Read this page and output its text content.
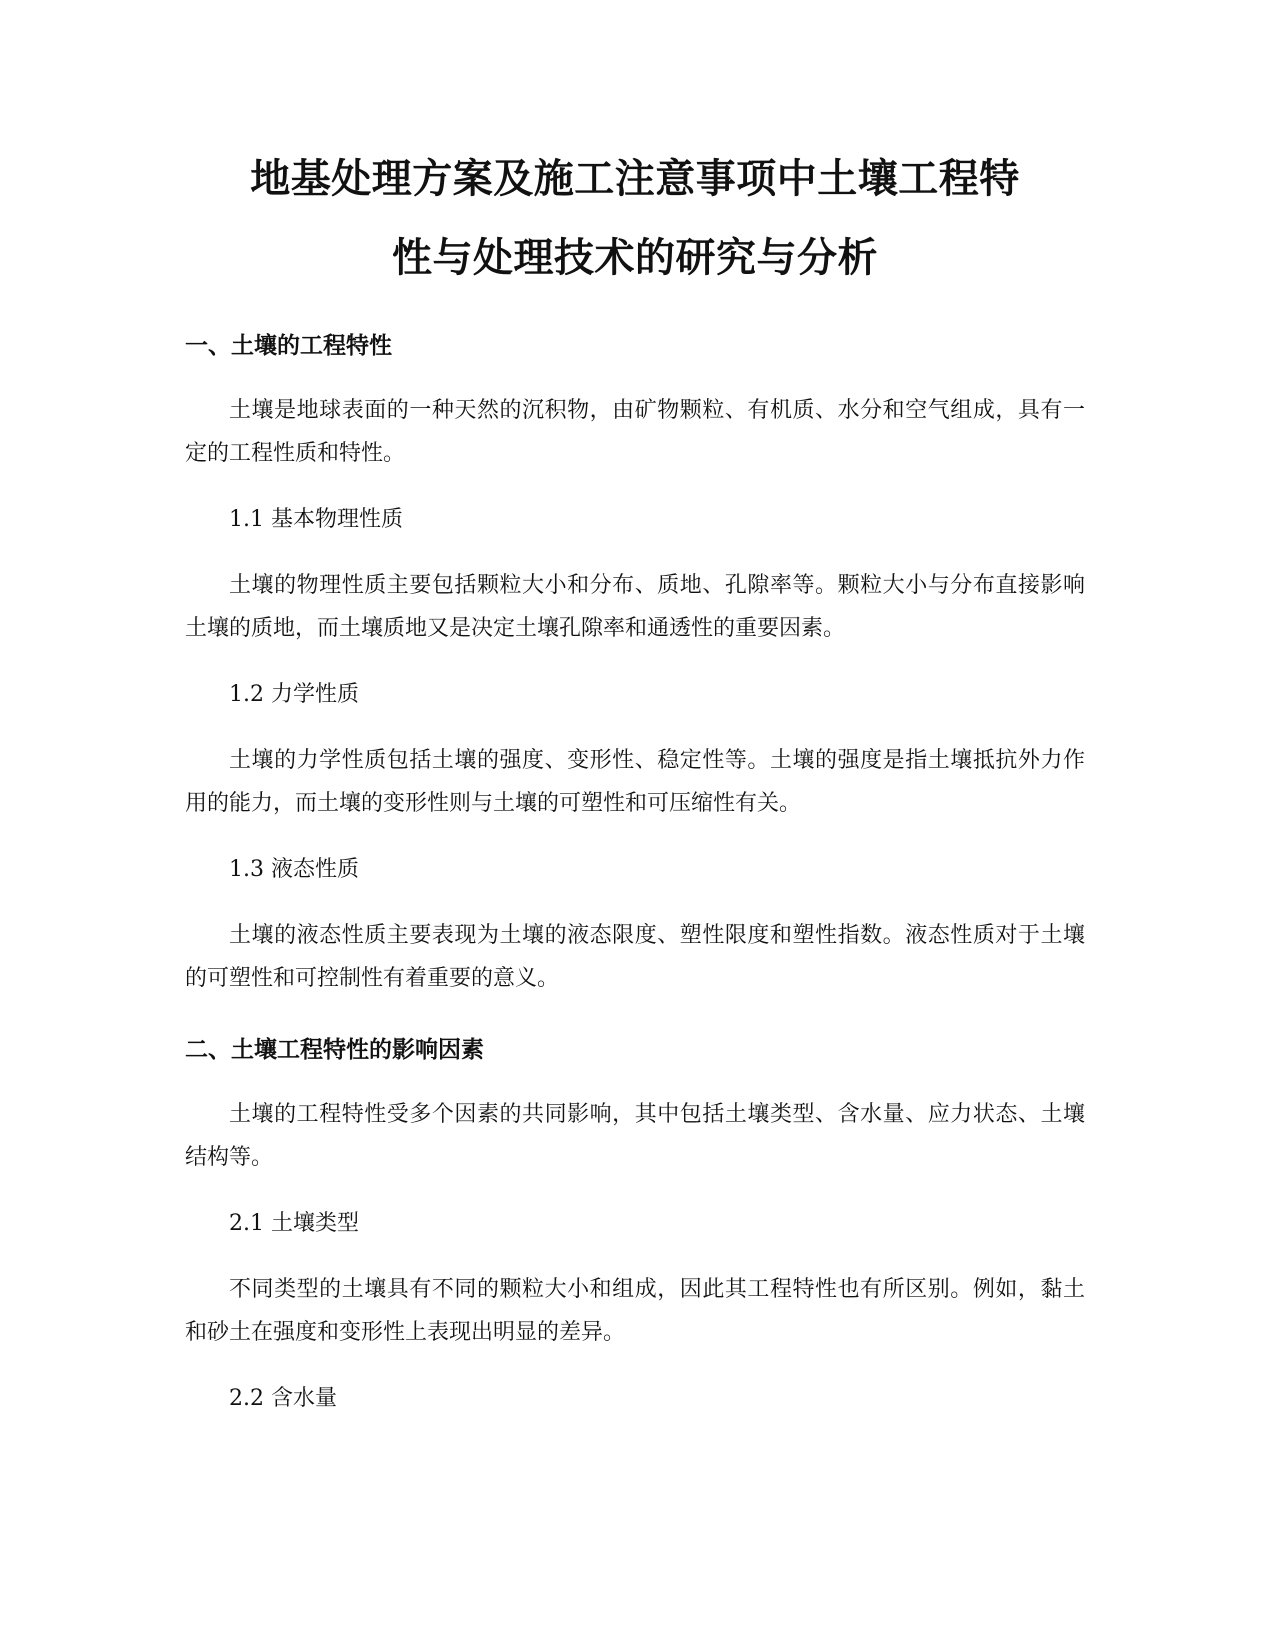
地基处理方案及施工注意事项中土壤工程特
性与处理技术的研究与分析
一、土壤的工程特性

土壤是地球表面的一种天然的沉积物，由矿物颗粒、有机质、水分和空气组成，具有一定的工程性质和特性。

1.1 基本物理性质

土壤的物理性质主要包括颗粒大小和分布、质地、孔隙率等。颗粒大小与分布直接影响土壤的质地，而土壤质地又是决定土壤孔隙率和通透性的重要因素。

1.2 力学性质

土壤的力学性质包括土壤的强度、变形性、稳定性等。土壤的强度是指土壤抵抗外力作用的能力，而土壤的变形性则与土壤的可塑性和可压缩性有关。

1.3 液态性质

土壤的液态性质主要表现为土壤的液态限度、塑性限度和塑性指数。液态性质对于土壤的可塑性和可控制性有着重要的意义。

二、土壤工程特性的影响因素

土壤的工程特性受多个因素的共同影响，其中包括土壤类型、含水量、应力状态、土壤结构等。

2.1 土壤类型

不同类型的土壤具有不同的颗粒大小和组成，因此其工程特性也有所区别。例如，黏土和砂土在强度和变形性上表现出明显的差异。

2.2 含水量
